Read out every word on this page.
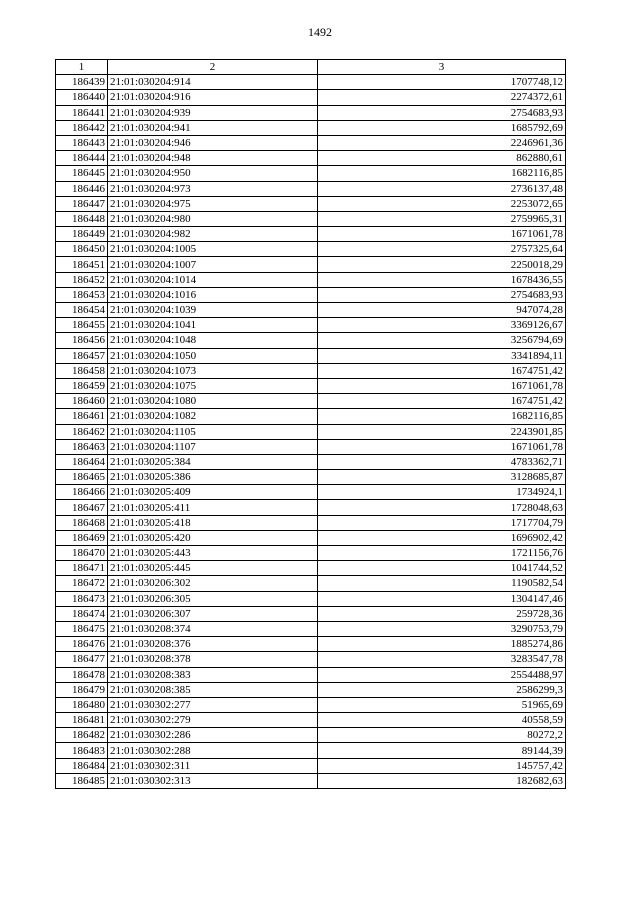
1492
1	2	3
186439	21:01:030204:914	1707748,12
186440	21:01:030204:916	2274372,61
186441	21:01:030204:939	2754683,93
186442	21:01:030204:941	1685792,69
186443	21:01:030204:946	2246961,36
186444	21:01:030204:948	862880,61
186445	21:01:030204:950	1682116,85
186446	21:01:030204:973	2736137,48
186447	21:01:030204:975	2253072,65
186448	21:01:030204:980	2759965,31
186449	21:01:030204:982	1671061,78
186450	21:01:030204:1005	2757325,64
186451	21:01:030204:1007	2250018,29
186452	21:01:030204:1014	1678436,55
186453	21:01:030204:1016	2754683,93
186454	21:01:030204:1039	947074,28
186455	21:01:030204:1041	3369126,67
186456	21:01:030204:1048	3256794,69
186457	21:01:030204:1050	3341894,11
186458	21:01:030204:1073	1674751,42
186459	21:01:030204:1075	1671061,78
186460	21:01:030204:1080	1674751,42
186461	21:01:030204:1082	1682116,85
186462	21:01:030204:1105	2243901,85
186463	21:01:030204:1107	1671061,78
186464	21:01:030205:384	4783362,71
186465	21:01:030205:386	3128685,87
186466	21:01:030205:409	1734924,1
186467	21:01:030205:411	1728048,63
186468	21:01:030205:418	1717704,79
186469	21:01:030205:420	1696902,42
186470	21:01:030205:443	1721156,76
186471	21:01:030205:445	1041744,52
186472	21:01:030206:302	1190582,54
186473	21:01:030206:305	1304147,46
186474	21:01:030206:307	259728,36
186475	21:01:030208:374	3290753,79
186476	21:01:030208:376	1885274,86
186477	21:01:030208:378	3283547,78
186478	21:01:030208:383	2554488,97
186479	21:01:030208:385	2586299,3
186480	21:01:030302:277	51965,69
186481	21:01:030302:279	40558,59
186482	21:01:030302:286	80272,2
186483	21:01:030302:288	89144,39
186484	21:01:030302:311	145757,42
186485	21:01:030302:313	182682,63
